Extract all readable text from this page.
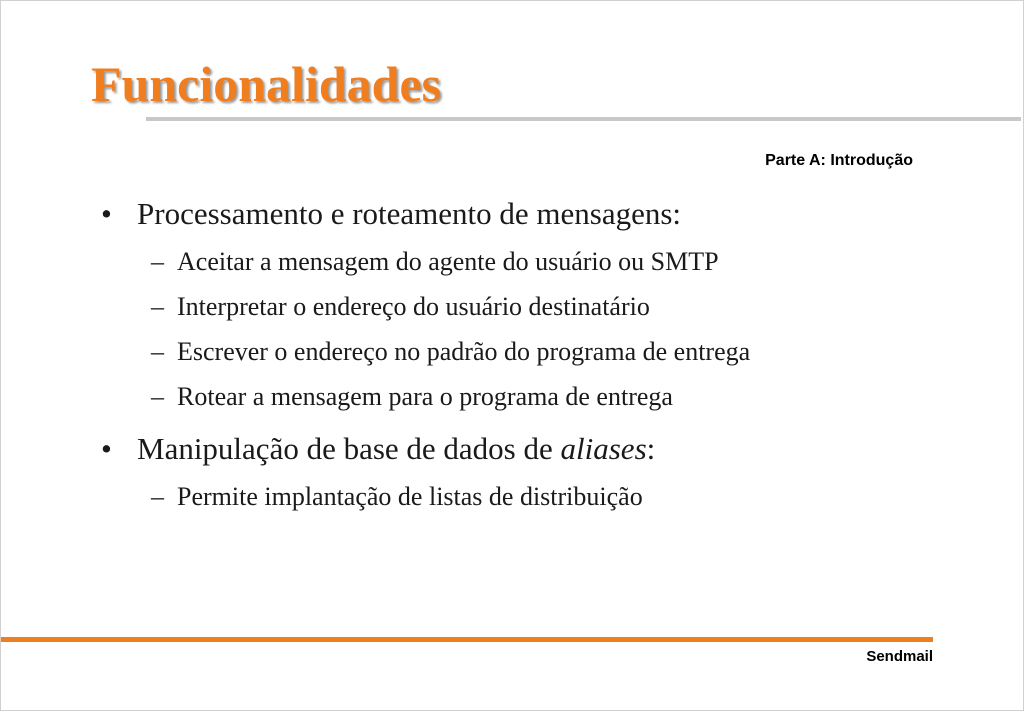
Funcionalidades
Parte A: Introdução
• Processamento e roteamento de mensagens:
– Aceitar a mensagem do agente do usuário ou SMTP
– Interpretar o endereço do usuário destinatário
– Escrever o endereço no padrão do programa de entrega
– Rotear a mensagem para o programa de entrega
• Manipulação de base de dados de aliases:
– Permite implantação de listas de distribuição
Sendmail
